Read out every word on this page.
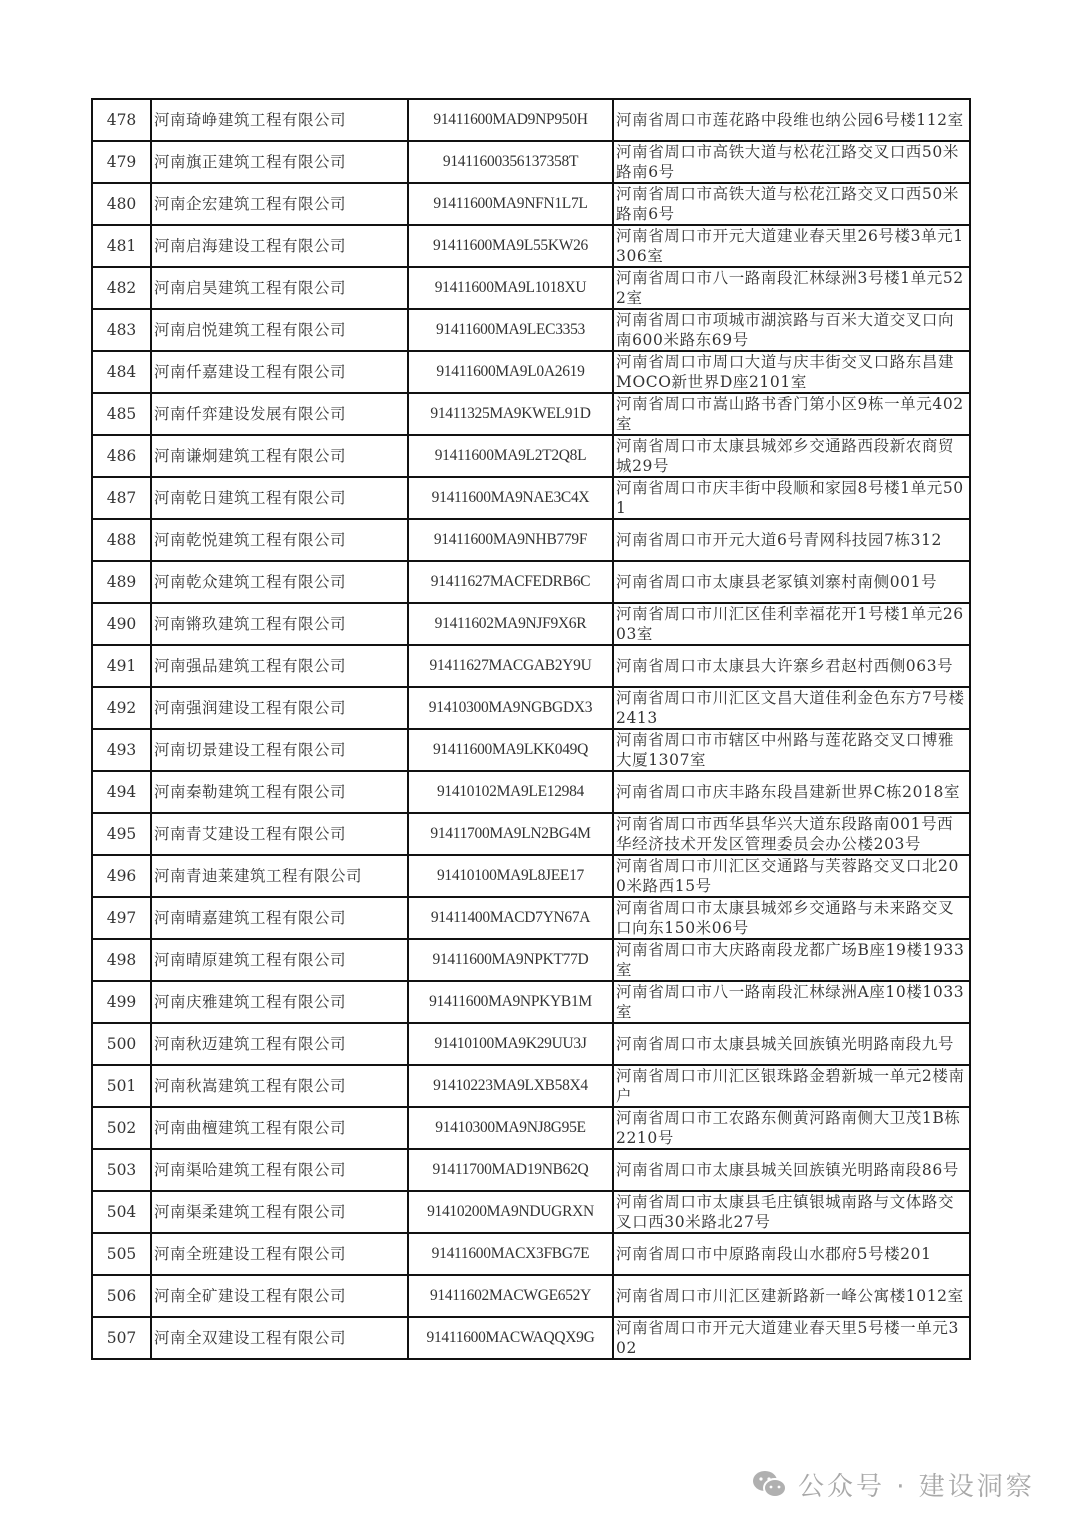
478	河南琦峥建筑工程有限公司	91411600MAD9NP950H	河南省周口市莲花路中段维也纳公园6号楼112室
479	河南旗正建筑工程有限公司	91411600356137358T	河南省周口市高铁大道与松花江路交叉口西50米路南6号
480	河南企宏建筑工程有限公司	91411600MA9NFN1L7L	河南省周口市高铁大道与松花江路交叉口西50米路南6号
481	河南启海建设工程有限公司	91411600MA9L55KW26	河南省周口市开元大道建业春天里26号楼3单元1306室
482	河南启昊建筑工程有限公司	91411600MA9L1018XU	河南省周口市八一路南段汇林绿洲3号楼1单元522室
483	河南启悦建筑工程有限公司	91411600MA9LEC3353	河南省周口市项城市湖滨路与百米大道交叉口向南600米路东69号
484	河南仟嘉建设工程有限公司	91411600MA9L0A2619	河南省周口市周口大道与庆丰街交叉口路东昌建MOCO新世界D座2101室
485	河南仟弈建设发展有限公司	91411325MA9KWEL91D	河南省周口市嵩山路书香门第小区9栋一单元402室
486	河南谦炯建筑工程有限公司	91411600MA9L2T2Q8L	河南省周口市太康县城郊乡交通路西段新农商贸城29号
487	河南乾日建筑工程有限公司	91411600MA9NAE3C4X	河南省周口市庆丰街中段顺和家园8号楼1单元501
488	河南乾悦建筑工程有限公司	91411600MA9NHB779F	河南省周口市开元大道6号青网科技园7栋312
489	河南乾众建筑工程有限公司	91411627MACFEDRB6C	河南省周口市太康县老冢镇刘寨村南侧001号
490	河南锵玖建筑工程有限公司	91411602MA9NJF9X6R	河南省周口市川汇区佳利幸福花开1号楼1单元2603室
491	河南强品建筑工程有限公司	91411627MACGAB2Y9U	河南省周口市太康县大许寨乡君赵村西侧063号
492	河南强润建设工程有限公司	91410300MA9NGBGDX3	河南省周口市川汇区文昌大道佳利金色东方7号楼2413
493	河南切景建设工程有限公司	91411600MA9LKK049Q	河南省周口市市辖区中州路与莲花路交叉口博雅大厦1307室
494	河南秦勒建筑工程有限公司	91410102MA9LE12984	河南省周口市庆丰路东段昌建新世界C栋2018室
495	河南青艾建设工程有限公司	91411700MA9LN2BG4M	河南省周口市西华县华兴大道东段路南001号西华经济技术开发区管理委员会办公楼203号
496	河南青迪莱建筑工程有限公司	91410100MA9L8JEE17	河南省周口市川汇区交通路与芙蓉路交叉口北200米路西15号
497	河南晴嘉建筑工程有限公司	91411400MACD7YN67A	河南省周口市太康县城郊乡交通路与未来路交叉口向东150米06号
498	河南晴原建筑工程有限公司	91411600MA9NPKT77D	河南省周口市大庆路南段龙都广场B座19楼1933室
499	河南庆雅建筑工程有限公司	91411600MA9NPKYB1M	河南省周口市八一路南段汇林绿洲A座10楼1033室
500	河南秋迈建筑工程有限公司	91410100MA9K29UU3J	河南省周口市太康县城关回族镇光明路南段九号
501	河南秋嵩建筑工程有限公司	91410223MA9LXB58X4	河南省周口市川汇区银珠路金碧新城一单元2楼南户
502	河南曲檀建筑工程有限公司	91410300MA9NJ8G95E	河南省周口市工农路东侧黄河路南侧大卫茂1B栋2210号
503	河南渠哈建筑工程有限公司	91411700MAD19NB62Q	河南省周口市太康县城关回族镇光明路南段86号
504	河南渠柔建筑工程有限公司	91410200MA9NDUGRXN	河南省周口市太康县毛庄镇银城南路与文体路交叉口西30米路北27号
505	河南全班建设工程有限公司	91411600MACX3FBG7E	河南省周口市中原路南段山水郡府5号楼201
506	河南全矿建设工程有限公司	91411602MACWGE652Y	河南省周口市川汇区建新路新一峰公寓楼1012室
507	河南全双建设工程有限公司	91411600MACWAQQX9G	河南省周口市开元大道建业春天里5号楼一单元302
公众号 · 建设洞察
